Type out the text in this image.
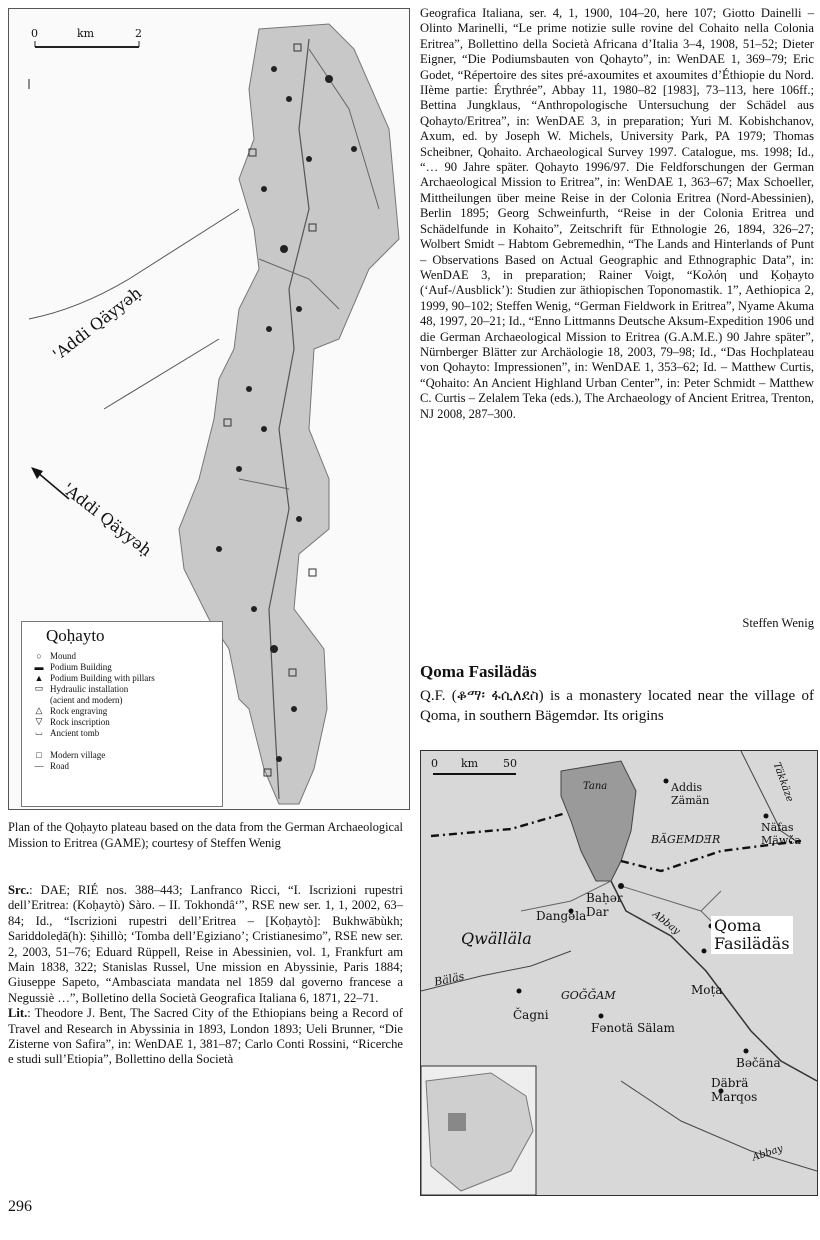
0	km	2
'Addi Qäyyəḥ
'Addi Qäyyəḥ
Qoḥayto
○ Mound
▬ Podium Building
▲ Podium Building with pillars
▭ Hydraulic installation
(acient and modern)
△ Rock engraving
▽ Rock inscription
⌴ Ancient tomb
□ Modern village
— Road
Plan of the Qoḥayto plateau based on the data from the German Archaeological Mission to Eritrea (GAME); courtesy of Steffen Wenig

Src.: DAE; RIÉ nos. 388–443; Lanfranco Ricci, “I. Iscrizioni rupestri dell’Eritrea: (Koḥaytò) Sàro. – II. Tokhondâ‘”, RSE new ser. 1, 1, 2002, 63–84; Id., “Iscrizioni rupestri dell’Eritrea – [Koḥaytò]: Bukhwābùkh; Sariddoleḍā(h): Ṣihillò; ‘Tomba dell’Egiziano’; Cristianesimo”, RSE new ser. 2, 2003, 51–76; Eduard Rüppell, Reise in Abessinien, vol. 1, Frankfurt am Main 1838, 322; Stanislas Russel, Une mission en Abyssinie, Paris 1884; Giuseppe Sapeto, “Ambasciata mandata nel 1859 dal governo francese a Negussiè …”, Bolletino della Società Geografica Italiana 6, 1871, 22–71.

Lit.: Theodore J. Bent, The Sacred City of the Ethiopians being a Record of Travel and Research in Abyssinia in 1893, London 1893; Ueli Brunner, “Die Zisterne von Safira”, in: WenDAE 1, 381–87; Carlo Conti Rossini, “Ricerche e studi sull’Etiopia”, Bollettino della Società

Geografica Italiana, ser. 4, 1, 1900, 104–20, here 107; Giotto Dainelli – Olinto Marinelli, “Le prime notizie sulle rovine del Cohaito nella Colonia Eritrea”, Bollettino della Società Africana d’Italia 3–4, 1908, 51–52; Dieter Eigner, “Die Podiumsbauten von Qohayto”, in: WenDAE 1, 369–79; Eric Godet, “Répertoire des sites pré-axoumites et axoumites d’Éthiopie du Nord. IIème partie: Érythrée”, Abbay 11, 1980–82 [1983], 73–113, here 106ff.; Bettina Jungklaus, “Anthropologische Untersuchung der Schädel aus Qohayto/Eritrea”, in: WenDAE 3, in preparation; Yuri M. Kobishchanov, Axum, ed. by Joseph W. Michels, University Park, PA 1979; Thomas Scheibner, Qohaito. Archaeological Survey 1997. Catalogue, ms. 1998; Id., “… 90 Jahre später. Qohayto 1996/97. Die Feldforschungen der German Archaeological Mission to Eritrea”, in: WenDAE 1, 363–67; Max Schoeller, Mittheilungen über meine Reise in der Colonia Eritrea (Nord-Abessinien), Berlin 1895; Georg Schweinfurth, “Reise in der Colonia Eritrea und Schädelfunde in Kohaito”, Zeitschrift für Ethnologie 26, 1894, 326–27; Wolbert Smidt – Habtom Gebremedhin, “The Lands and Hinterlands of Punt – Observations Based on Actual Geographic and Ethnographic Data”, in: WenDAE 3, in preparation; Rainer Voigt, “Κολόη und Ḳoḥayto (‘Auf-/Ausblick’): Studien zur äthiopischen Toponomastik. 1”, Aethiopica 2, 1999, 90–102; Steffen Wenig, “German Fieldwork in Eritrea”, Nyame Akuma 48, 1997, 20–21; Id., “Enno Littmanns Deutsche Aksum-Expedition 1906 und die German Archaeological Mission to Eritrea (G.A.M.E.) 90 Jahre später”, Nürnberger Blätter zur Archäologie 18, 2003, 79–98; Id., “Das Hochplateau von Qohayto: Impressionen”, in: WenDAE 1, 353–62; Id. – Matthew Curtis, “Qohaito: An Ancient Highland Urban Center”, in: Peter Schmidt – Matthew C. Curtis – Zelalem Teka (eds.), The Archaeology of Ancient Eritrea, Trenton, NJ 2008, 287–300.

Steffen Wenig
Qoma Fasilädäs
Q.F. (ቆማ፡ ፋሲለደስ) is a monastery located near the village of Qoma, in southern Bägemdər. Its origins
0 km 50
Tana	Täkkäze
Addis
Zämän
Näfas
Mäwča
BÄGEMDƎR
Baḥər
Dar
Dangəla
Qwälläla
Qoma
Fasilädäs
Abbay
Bäläs
GOĞĞAM	Moṭa
Čagni
Fənotä Sälam
Bəčäna
Däbrä
Marqos
Abbay
296
